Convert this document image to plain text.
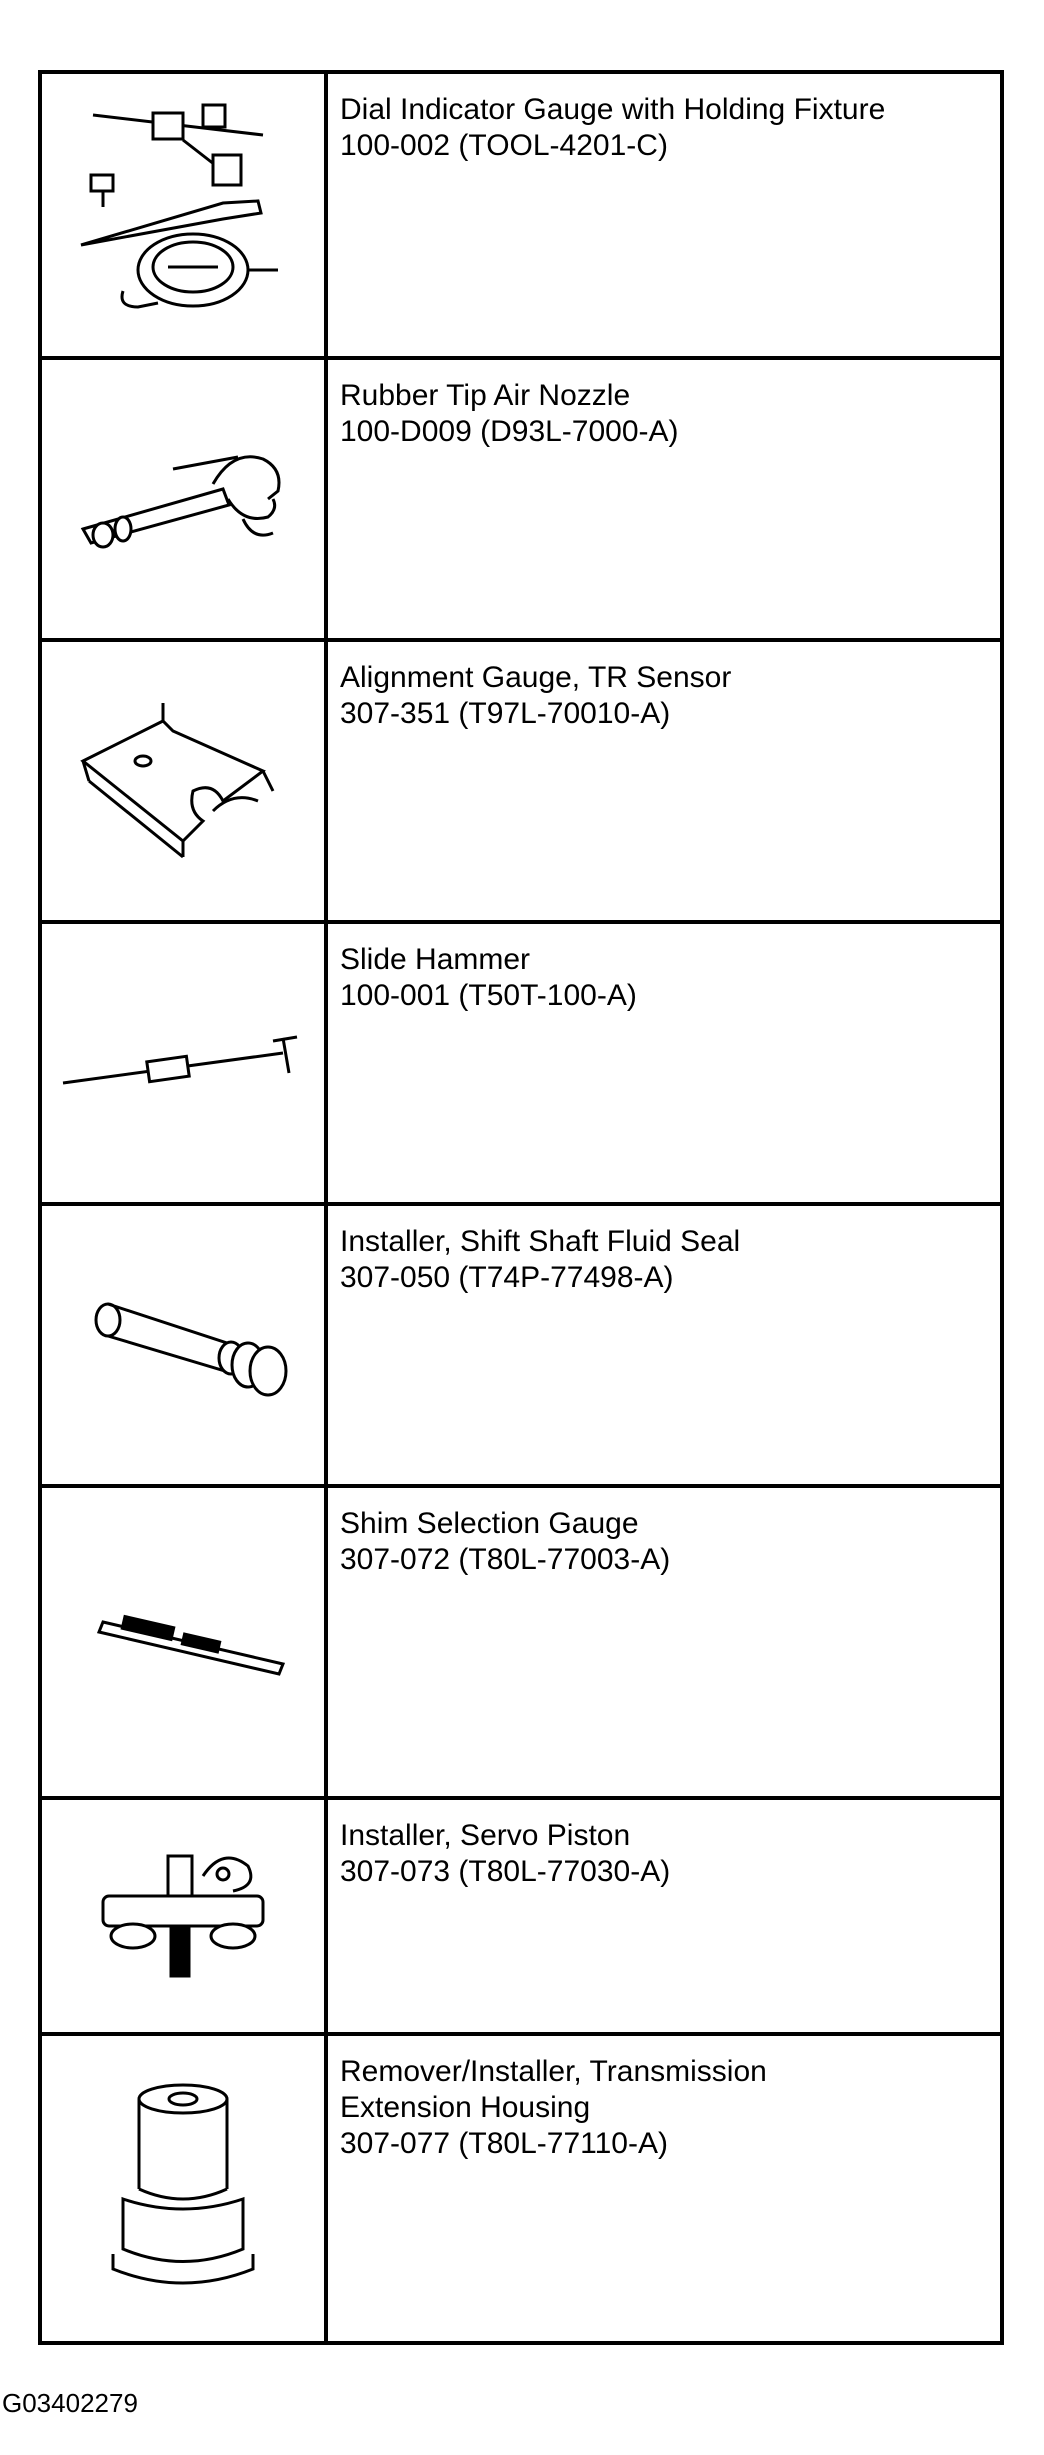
Dial Indicator Gauge with Holding Fixture
100-002 (TOOL-4201-C)
Rubber Tip Air Nozzle
100-D009 (D93L-7000-A)
Alignment Gauge, TR Sensor
307-351 (T97L-70010-A)
Slide Hammer
100-001 (T50T-100-A)
Installer, Shift Shaft Fluid Seal
307-050 (T74P-77498-A)
Shim Selection Gauge
307-072 (T80L-77003-A)
Installer, Servo Piston
307-073 (T80L-77030-A)
Remover/Installer, Transmission
Extension Housing
307-077 (T80L-77110-A)
G03402279
